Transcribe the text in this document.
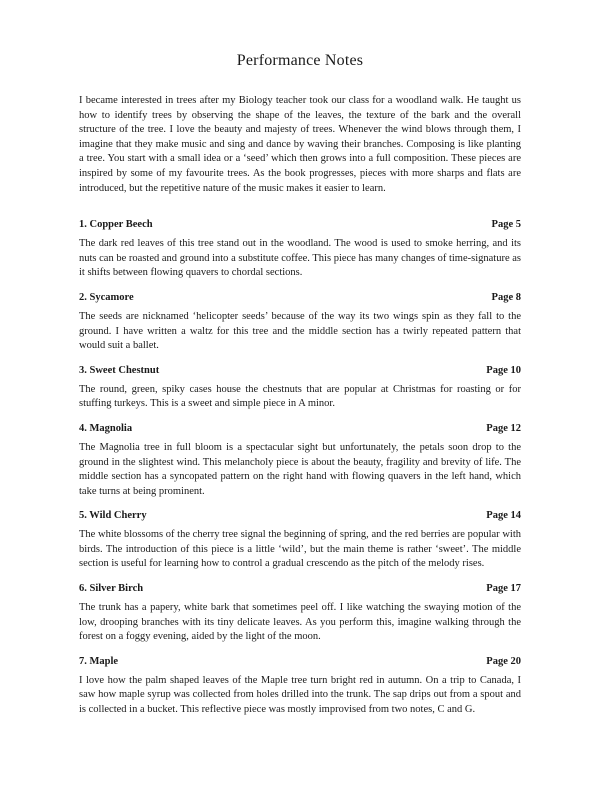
Performance Notes

I became interested in trees after my Biology teacher took our class for a woodland walk. He taught us how to identify trees by observing the shape of the leaves, the texture of the bark and the overall structure of the tree. I love the beauty and majesty of trees. Whenever the wind blows through them, I imagine that they make music and sing and dance by waving their branches. Composing is like planting a tree. You start with a small idea or a ‘seed’ which then grows into a full composition. These pieces are inspired by some of my favourite trees. As the book progresses, pieces with more sharps and flats are introduced, but the repetitive nature of the music makes it easier to learn.

1. Copper Beech	Page 5
The dark red leaves of this tree stand out in the woodland. The wood is used to smoke herring, and its nuts can be roasted and ground into a substitute coffee. This piece has many changes of time-signature as it shifts between flowing quavers to chordal sections.
2. Sycamore	Page 8
The seeds are nicknamed ‘helicopter seeds’ because of the way its two wings spin as they fall to the ground. I have written a waltz for this tree and the middle section has a twirly repeated pattern that would suit a ballet.
3. Sweet Chestnut	Page 10
The round, green, spiky cases house the chestnuts that are popular at Christmas for roasting or for stuffing turkeys. This is a sweet and simple piece in A minor.
4. Magnolia	Page 12
The Magnolia tree in full bloom is a spectacular sight but unfortunately, the petals soon drop to the ground in the slightest wind. This melancholy piece is about the beauty, fragility and brevity of life. The middle section has a syncopated pattern on the right hand with flowing quavers in the left hand, which take turns at being prominent.
5. Wild Cherry	Page 14
The white blossoms of the cherry tree signal the beginning of spring, and the red berries are popular with birds. The introduction of this piece is a little ‘wild’, but the main theme is rather ‘sweet’. The middle section is useful for learning how to control a gradual crescendo as the pitch of the melody rises.
6. Silver Birch	Page 17
The trunk has a papery, white bark that sometimes peel off. I like watching the swaying motion of the low, drooping branches with its tiny delicate leaves. As you perform this, imagine walking through the forest on a foggy evening, aided by the light of the moon.
7. Maple	Page 20
I love how the palm shaped leaves of the Maple tree turn bright red in autumn. On a trip to Canada, I saw how maple syrup was collected from holes drilled into the trunk. The sap drips out from a spout and is collected in a bucket. This reflective piece was mostly improvised from two notes, C and G.
